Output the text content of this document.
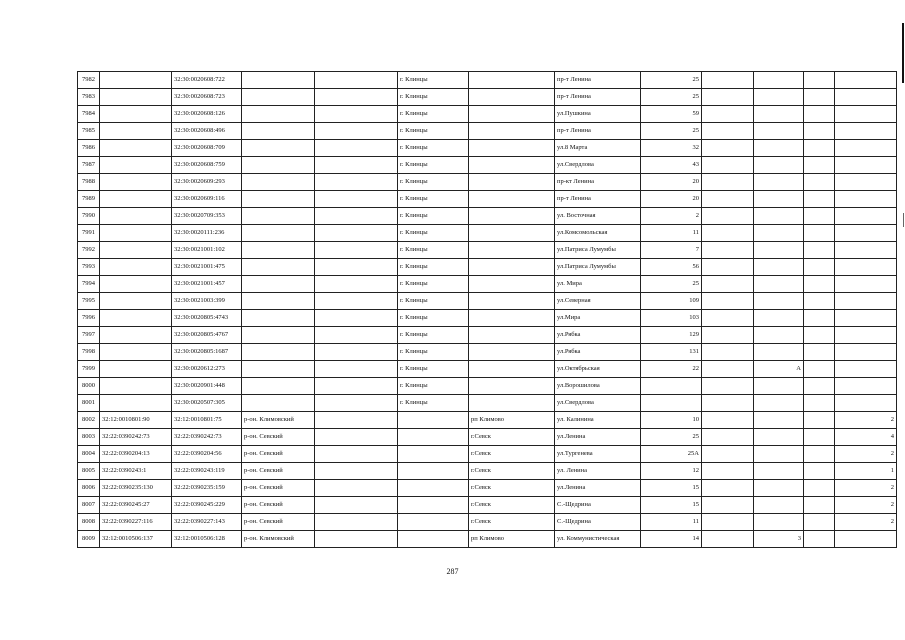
7982		32:30:0020608:722			г. Клинцы		пр-т Ленина	25				
7983		32:30:0020608:723			г. Клинцы		пр-т Ленина	25				
7984		32:30:0020608:126			г. Клинцы		ул.Пушкина	59				
7985		32:30:0020608:496			г. Клинцы		пр-т Ленина	25				
7986		32:30:0020608:709			г. Клинцы		ул.8 Марта	32				
7987		32:30:0020608:759			г. Клинцы		ул.Свердлова	43				
7988		32:30:0020609:293			г. Клинцы		пр-кт Ленина	20				
7989		32:30:0020609:116			г. Клинцы		пр-т Ленина	20				
7990		32:30:0020709:353			г. Клинцы		ул. Восточная	2				
7991		32:30:0020111:236			г. Клинцы		ул.Комсомольская	11				
7992		32:30:0021001:102			г. Клинцы		ул.Патриса Лумумбы	7				
7993		32:30:0021001:475			г. Клинцы		ул.Патриса Лумумбы	56				
7994		32:30:0021001:457			г. Клинцы		ул. Мира	25				
7995		32:30:0021003:399			г. Клинцы		ул.Северная	109				
7996		32:30:0020805:4743			г. Клинцы		ул.Мира	103				
7997		32:30:0020805:4767			г. Клинцы		ул.Рябка	129				
7998		32:30:0020805:1687			г. Клинцы		ул.Рябка	131				
7999		32:30:0020612:273			г. Клинцы		ул.Октябрьская	22		А		
8000		32:30:0020901:448			г. Клинцы		ул.Ворошилова					
8001		32:30:0020507:305			г. Клинцы		ул.Свердлова					
8002	32:12:0010801:90	32:12:0010801:75	р-он. Климовский			рп Климово	ул. Калинина	10				2
8003	32:22:0390242:73	32:22:0390242:73	р-он. Севский			г.Севск	ул.Ленина	25				4
8004	32:22:0390204:13	32:22:0390204:56	р-он. Севский			г.Севск	ул.Тургенева	25А				2
8005	32:22:0390243:1	32:22:0390243:119	р-он. Севский			г.Севск	ул. Ленина	12				1
8006	32:22:0390235:130	32:22:0390235:159	р-он. Севский			г.Севск	ул.Ленина	15				2
8007	32:22:0390245:27	32:22:0390245:229	р-он. Севский			г.Севск	С.-Щедрина	15				2
8008	32:22:0390227:116	32:22:0390227:143	р-он. Севский			г.Севск	С.-Щедрина	11				2
8009	32:12:0010506:137	32:12:0010506:128	р-он. Климовский			рп Климово	ул. Коммунистическая	14		3		
287
